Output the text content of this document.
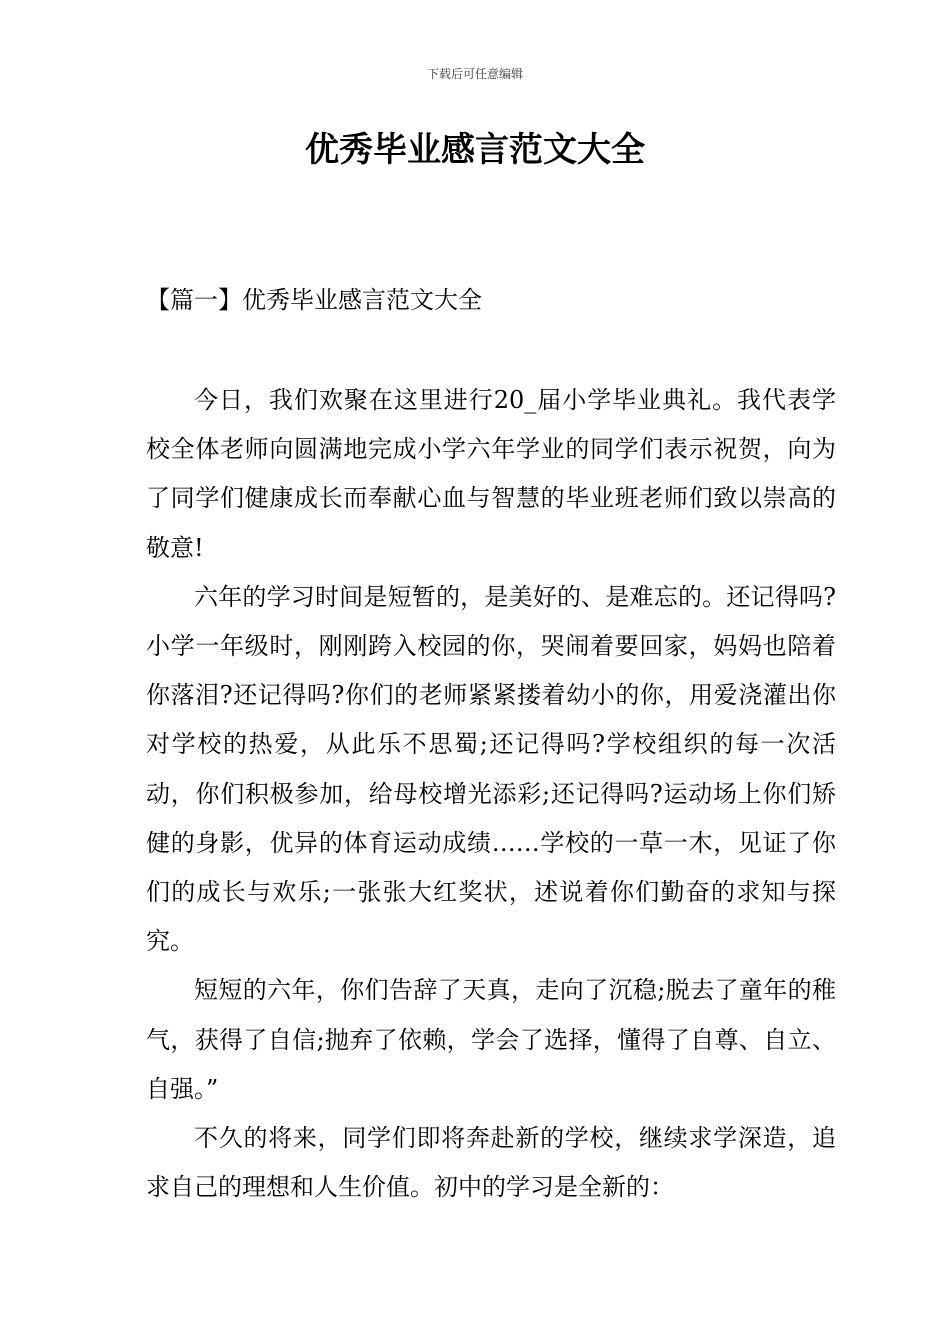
下载后可任意编辑
优秀毕业感言范文大全
【篇一】优秀毕业感言范文大全

今日，我们欢聚在这里进行20_届小学毕业典礼。我代表学校全体老师向圆满地完成小学六年学业的同学们表示祝贺，向为了同学们健康成长而奉献心血与智慧的毕业班老师们致以崇高的敬意!

六年的学习时间是短暂的，是美好的、是难忘的。还记得吗?小学一年级时，刚刚跨入校园的你，哭闹着要回家，妈妈也陪着你落泪?还记得吗?你们的老师紧紧搂着幼小的你，用爱浇灌出你对学校的热爱，从此乐不思蜀;还记得吗?学校组织的每一次活动，你们积极参加，给母校增光添彩;还记得吗?运动场上你们矫健的身影，优异的体育运动成绩……学校的一草一木，见证了你们的成长与欢乐;一张张大红奖状，述说着你们勤奋的求知与探究。

短短的六年，你们告辞了天真，走向了沉稳;脱去了童年的稚气，获得了自信;抛弃了依赖，学会了选择，懂得了自尊、自立、自强。”

不久的将来，同学们即将奔赴新的学校，继续求学深造，追求自己的理想和人生价值。初中的学习是全新的：
